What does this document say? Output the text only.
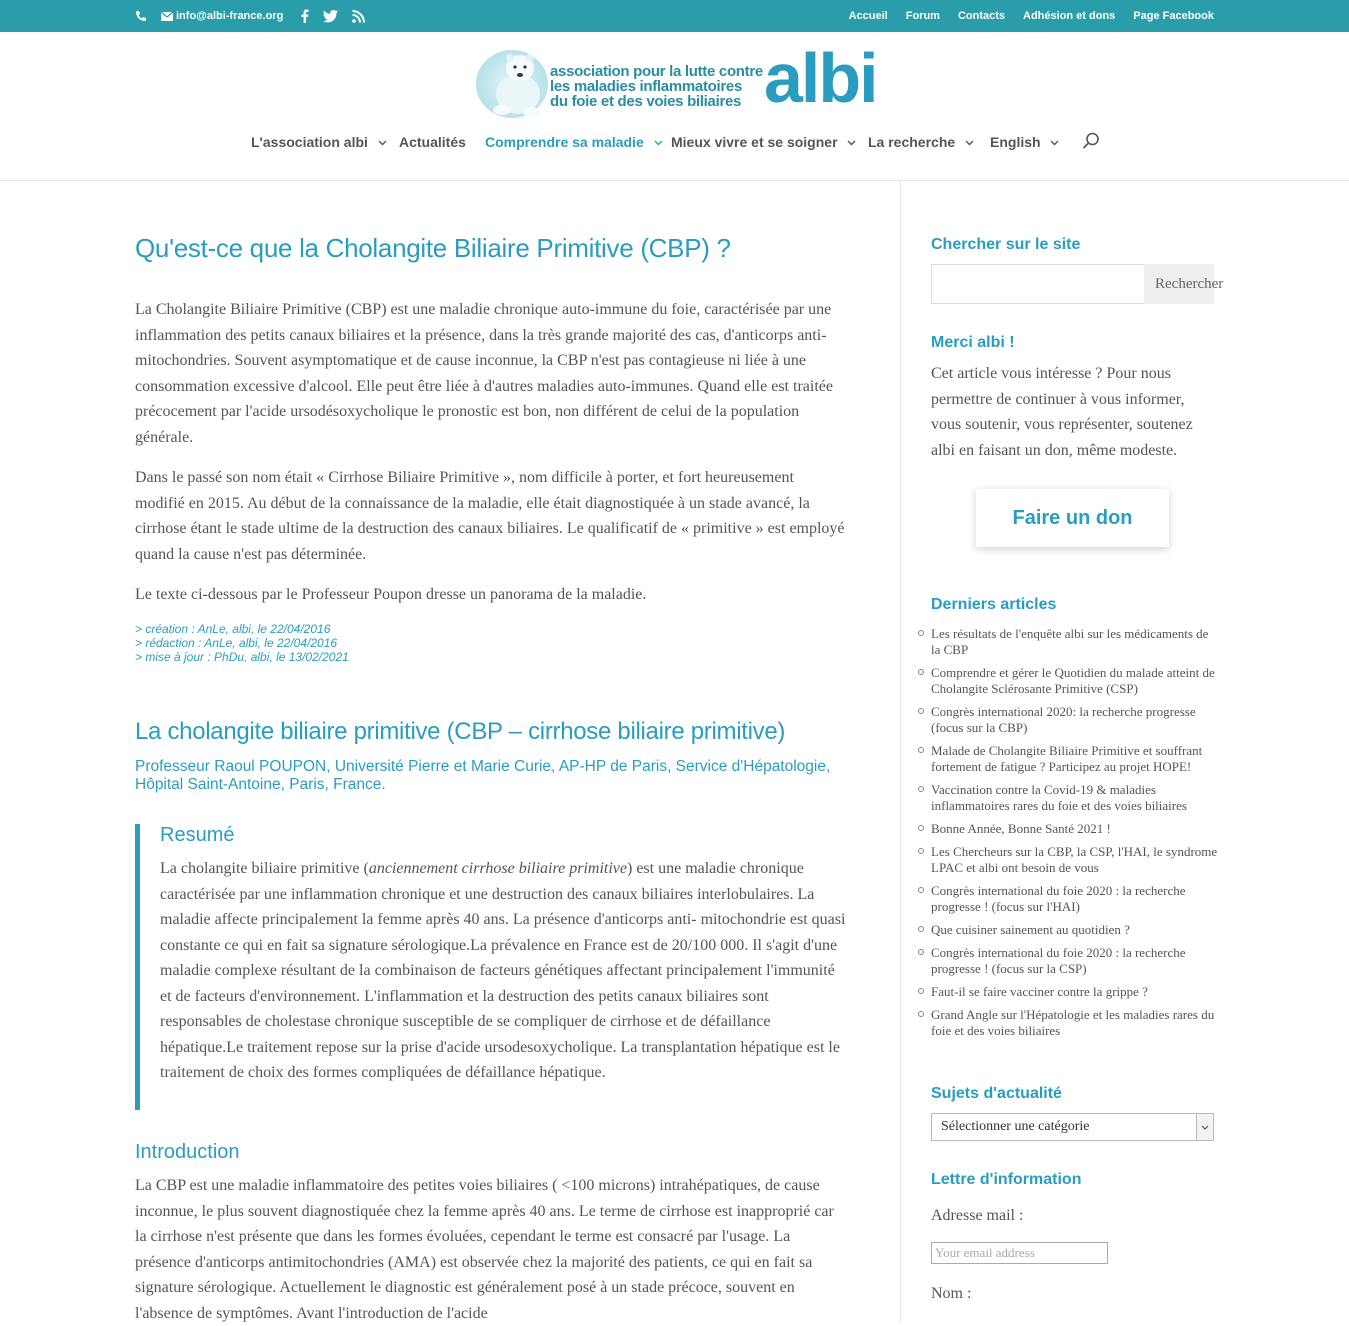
info@albi-france.org	Accueil Forum Contacts Adhésion et dons Page Facebook
association pour la lutte contre
les maladies inflammatoires
du foie et des voies biliaires albi
L'association albi	Actualités Comprendre sa maladie	Mieux vivre et se soigner	La recherche	English
Qu'est-ce que la Cholangite Biliaire Primitive (CBP) ?

La Cholangite Biliaire Primitive (CBP) est une maladie chronique auto-immune du foie, caractérisée par une inflammation des petits canaux biliaires et la présence, dans la très grande majorité des cas, d'anticorps anti-mitochondries. Souvent asymptomatique et de cause inconnue, la CBP n'est pas contagieuse ni liée à une consommation excessive d'alcool. Elle peut être liée à d'autres maladies auto-immunes. Quand elle est traitée précocement par l'acide ursodésoxycholique le pronostic est bon, non différent de celui de la population générale.

Dans le passé son nom était « Cirrhose Biliaire Primitive », nom difficile à porter, et fort heureusement modifié en 2015. Au début de la connaissance de la maladie, elle était diagnostiquée à un stade avancé, la cirrhose étant le stade ultime de la destruction des canaux biliaires. Le qualificatif de « primitive » est employé quand la cause n'est pas déterminée.

Le texte ci-dessous par le Professeur Poupon dresse un panorama de la maladie.

> création : AnLe, albi, le 22/04/2016
> rédaction : AnLe, albi, le 22/04/2016
> mise à jour : PhDu, albi, le 13/02/2021
La cholangite biliaire primitive (CBP – cirrhose biliaire primitive)
Professeur Raoul POUPON, Université Pierre et Marie Curie, AP-HP de Paris, Service d'Hépatologie, Hôpital Saint-Antoine, Paris, France.
Resumé

La cholangite biliaire primitive (anciennement cirrhose biliaire primitive) est une maladie chronique caractérisée par une inflammation chronique et une destruction des canaux biliaires interlobulaires. La maladie affecte principalement la femme après 40 ans. La présence d'anticorps anti- mitochondrie est quasi constante ce qui en fait sa signature sérologique.La prévalence en France est de 20/100 000. Il s'agit d'une maladie complexe résultant de la combinaison de facteurs génétiques affectant principalement l'immunité et de facteurs d'environnement. L'inflammation et la destruction des petits canaux biliaires sont responsables de cholestase chronique susceptible de se compliquer de cirrhose et de défaillance hépatique.Le traitement repose sur la prise d'acide ursodesoxycholique. La transplantation hépatique est le traitement de choix des formes compliquées de défaillance hépatique.

Introduction

La CBP est une maladie inflammatoire des petites voies biliaires ( <100 microns) intrahépatiques, de cause inconnue, le plus souvent diagnostiquée chez la femme après 40 ans. Le terme de cirrhose est inapproprié car la cirrhose n'est présente que dans les formes évoluées, cependant le terme est consacré par l'usage. La présence d'anticorps antimitochondries (AMA) est observée chez la majorité des patients, ce qui en fait sa signature sérologique. Actuellement le diagnostic est généralement posé à un stade précoce, souvent en l'absence de symptômes. Avant l'introduction de l'acide

Chercher sur le site
Rechercher
Merci albi !
Cet article vous intéresse ? Pour nous permettre de continuer à vous informer, vous soutenir, vous représenter, soutenez albi en faisant un don, même modeste.
Faire un don
Derniers articles
Les résultats de l'enquête albi sur les médicaments de la CBP
Comprendre et gérer le Quotidien du malade atteint de Cholangite Sclérosante Primitive (CSP)
Congrès international 2020: la recherche progresse (focus sur la CBP)
Malade de Cholangite Biliaire Primitive et souffrant fortement de fatigue ? Participez au projet HOPE!
Vaccination contre la Covid-19 & maladies inflammatoires rares du foie et des voies biliaires
Bonne Année, Bonne Santé 2021 !
Les Chercheurs sur la CBP, la CSP, l'HAI, le syndrome LPAC et albi ont besoin de vous
Congrès international du foie 2020 : la recherche progresse ! (focus sur l'HAI)
Que cuisiner sainement au quotidien ?
Congrès international du foie 2020 : la recherche progresse ! (focus sur la CSP)
Faut-il se faire vacciner contre la grippe ?
Grand Angle sur l'Hépatologie et les maladies rares du foie et des voies biliaires
Sujets d'actualité
Sélectionner une catégorie
Lettre d'information
Adresse mail :
Your email address
Nom :
